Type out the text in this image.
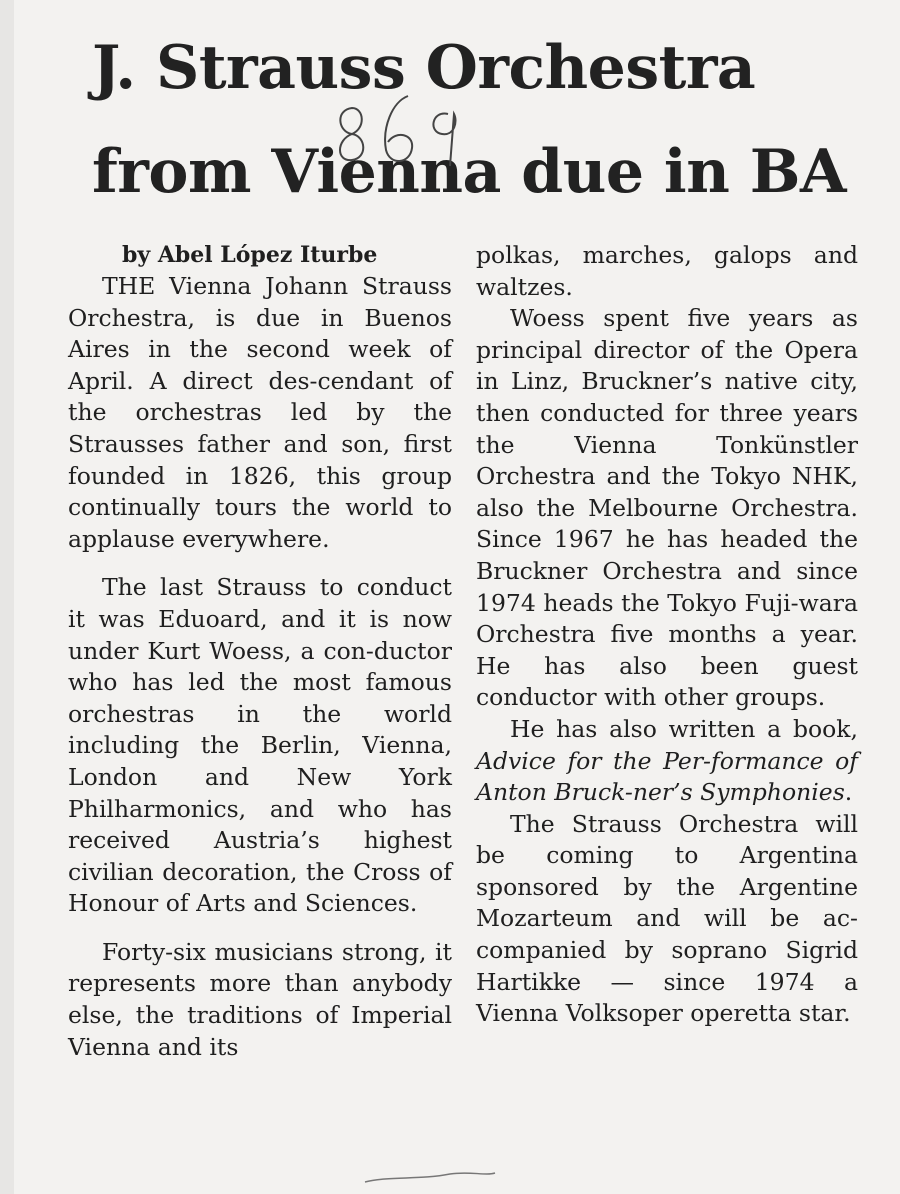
J. Strauss Orchestra
from Vienna due in BA

by Abel López Iturbe

THE Vienna Johann Strauss Orchestra, is due in Buenos Aires in the second week of April. A direct des-cendant of the orchestras led by the Strausses father and son, first founded in 1826, this group continually tours the world to applause everywhere.

The last Strauss to conduct it was Eduoard, and it is now under Kurt Woess, a con-ductor who has led the most famous orchestras in the world including the Berlin, Vienna, London and New York Philharmonics, and who has received Austria’s highest civilian decoration, the Cross of Honour of Arts and Sciences.

Forty-six musicians strong, it represents more than anybody else, the traditions of Imperial Vienna and its

polkas, marches, galops and waltzes.

Woess spent five years as principal director of the Opera in Linz, Bruckner’s native city, then conducted for three years the Vienna Tonkünstler Orchestra and the Tokyo NHK, also the Melbourne Orchestra. Since 1967 he has headed the Bruckner Orchestra and since 1974 heads the Tokyo Fuji-wara Orchestra five months a year. He has also been guest conductor with other groups.

He has also written a book, Advice for the Per-formance of Anton Bruck-ner’s Symphonies.

The Strauss Orchestra will be coming to Argentina sponsored by the Argentine Mozarteum and will be ac-companied by soprano Sigrid Hartikke — since 1974 a Vienna Volksoper operetta star.
